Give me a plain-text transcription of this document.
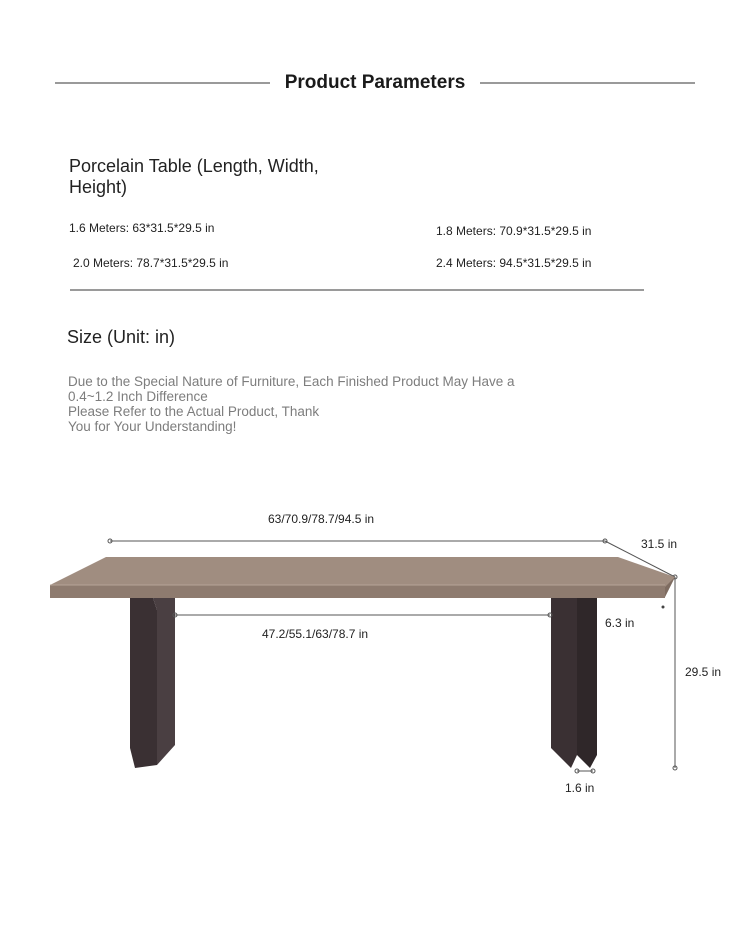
Product Parameters
Porcelain Table (Length, Width, Height)
1.6 Meters: 63*31.5*29.5 in	1.8 Meters: 70.9*31.5*29.5 in
2.0 Meters: 78.7*31.5*29.5 in	2.4 Meters: 94.5*31.5*29.5 in
Size (Unit: in)
Due to the Special Nature of Furniture, Each Finished Product May Have a 0.4~1.2 Inch Difference
Please Refer to the Actual Product, Thank You for Your Understanding!
63/70.9/78.7/94.5 in
31.5 in
47.2/55.1/63/78.7 in
6.3 in
29.5 in
1.6 in
